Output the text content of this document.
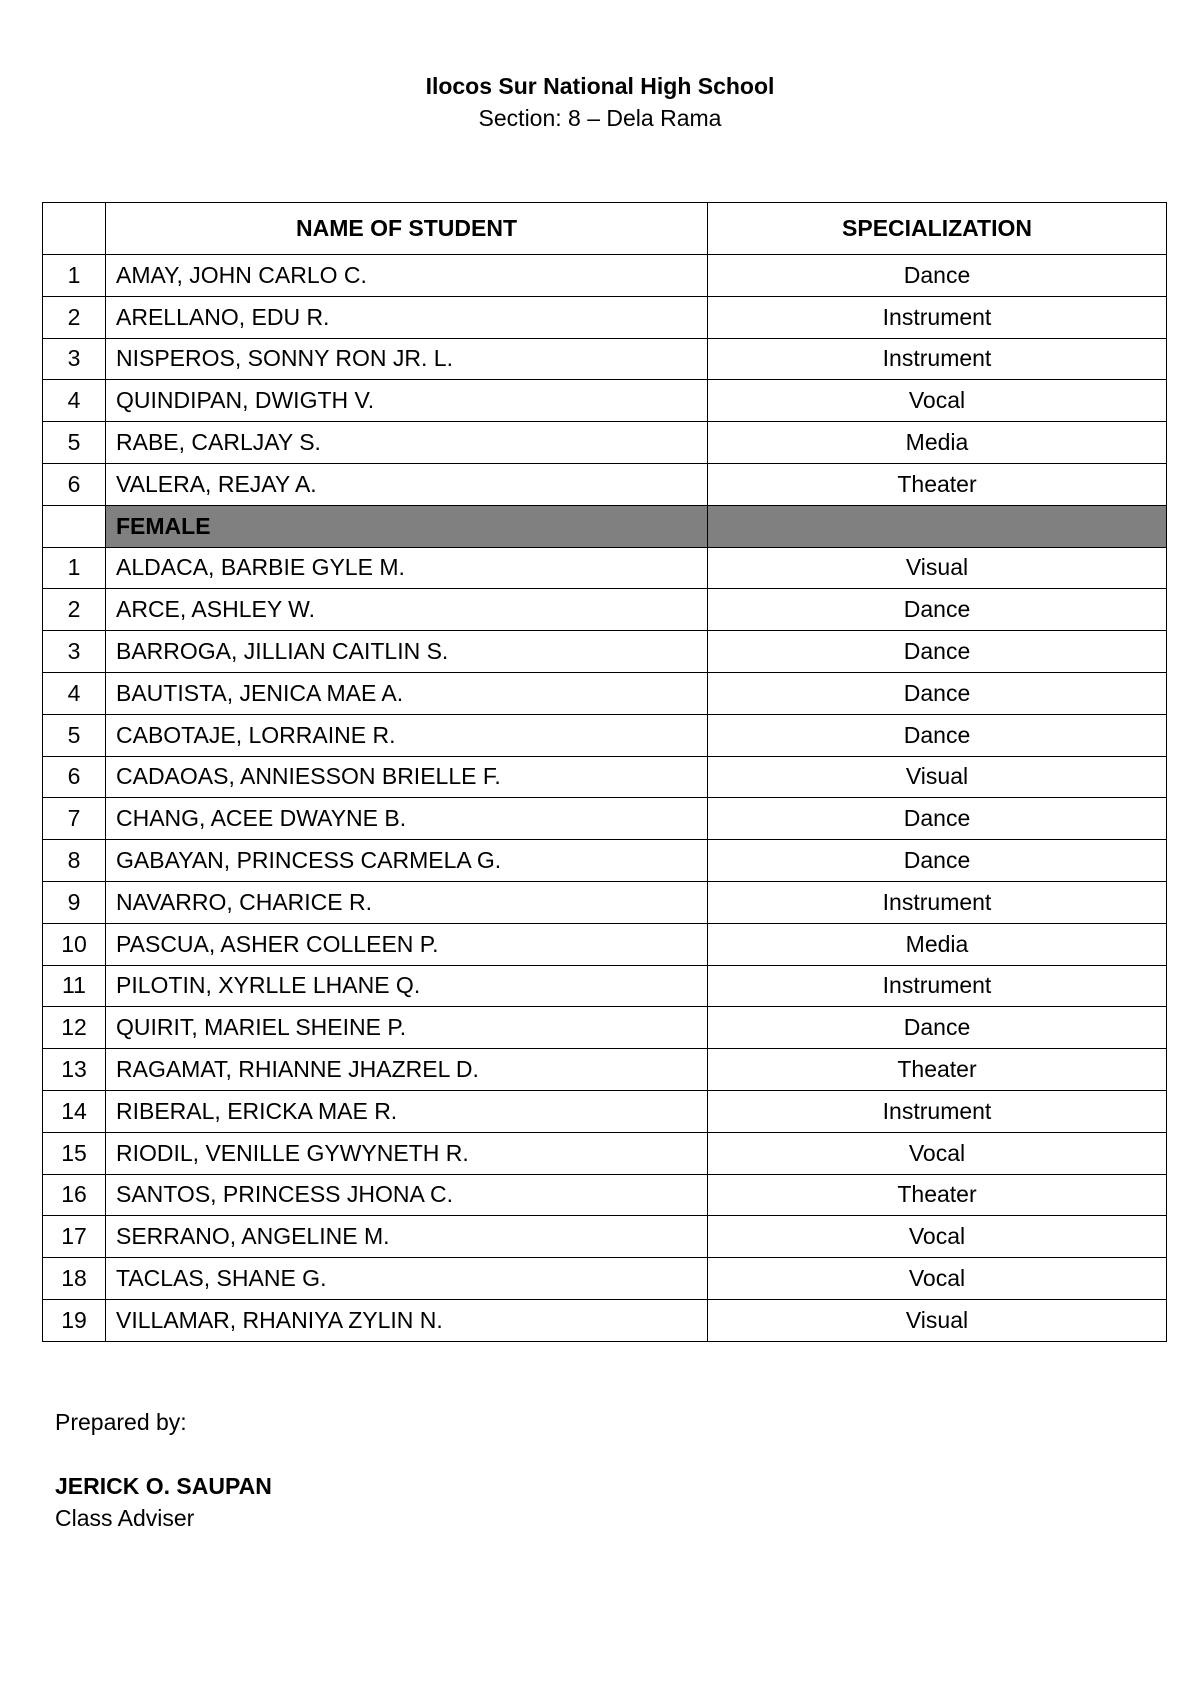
Ilocos Sur National High School
Section: 8 – Dela Rama
	NAME OF STUDENT	SPECIALIZATION
1	AMAY, JOHN CARLO C.	Dance
2	ARELLANO, EDU R.	Instrument
3	NISPEROS, SONNY RON JR. L.	Instrument
4	QUINDIPAN, DWIGTH V.	Vocal
5	RABE, CARLJAY S.	Media
6	VALERA, REJAY A.	Theater
	FEMALE	
1	ALDACA, BARBIE GYLE M.	Visual
2	ARCE, ASHLEY W.	Dance
3	BARROGA, JILLIAN CAITLIN S.	Dance
4	BAUTISTA, JENICA MAE A.	Dance
5	CABOTAJE, LORRAINE R.	Dance
6	CADAOAS, ANNIESSON BRIELLE F.	Visual
7	CHANG, ACEE DWAYNE B.	Dance
8	GABAYAN, PRINCESS CARMELA G.	Dance
9	NAVARRO, CHARICE R.	Instrument
10	PASCUA, ASHER COLLEEN P.	Media
11	PILOTIN, XYRLLE LHANE Q.	Instrument
12	QUIRIT, MARIEL SHEINE P.	Dance
13	RAGAMAT, RHIANNE JHAZREL D.	Theater
14	RIBERAL, ERICKA MAE R.	Instrument
15	RIODIL, VENILLE GYWYNETH R.	Vocal
16	SANTOS, PRINCESS JHONA C.	Theater
17	SERRANO, ANGELINE M.	Vocal
18	TACLAS, SHANE G.	Vocal
19	VILLAMAR, RHANIYA ZYLIN N.	Visual
Prepared by:
JERICK O. SAUPAN
Class Adviser
